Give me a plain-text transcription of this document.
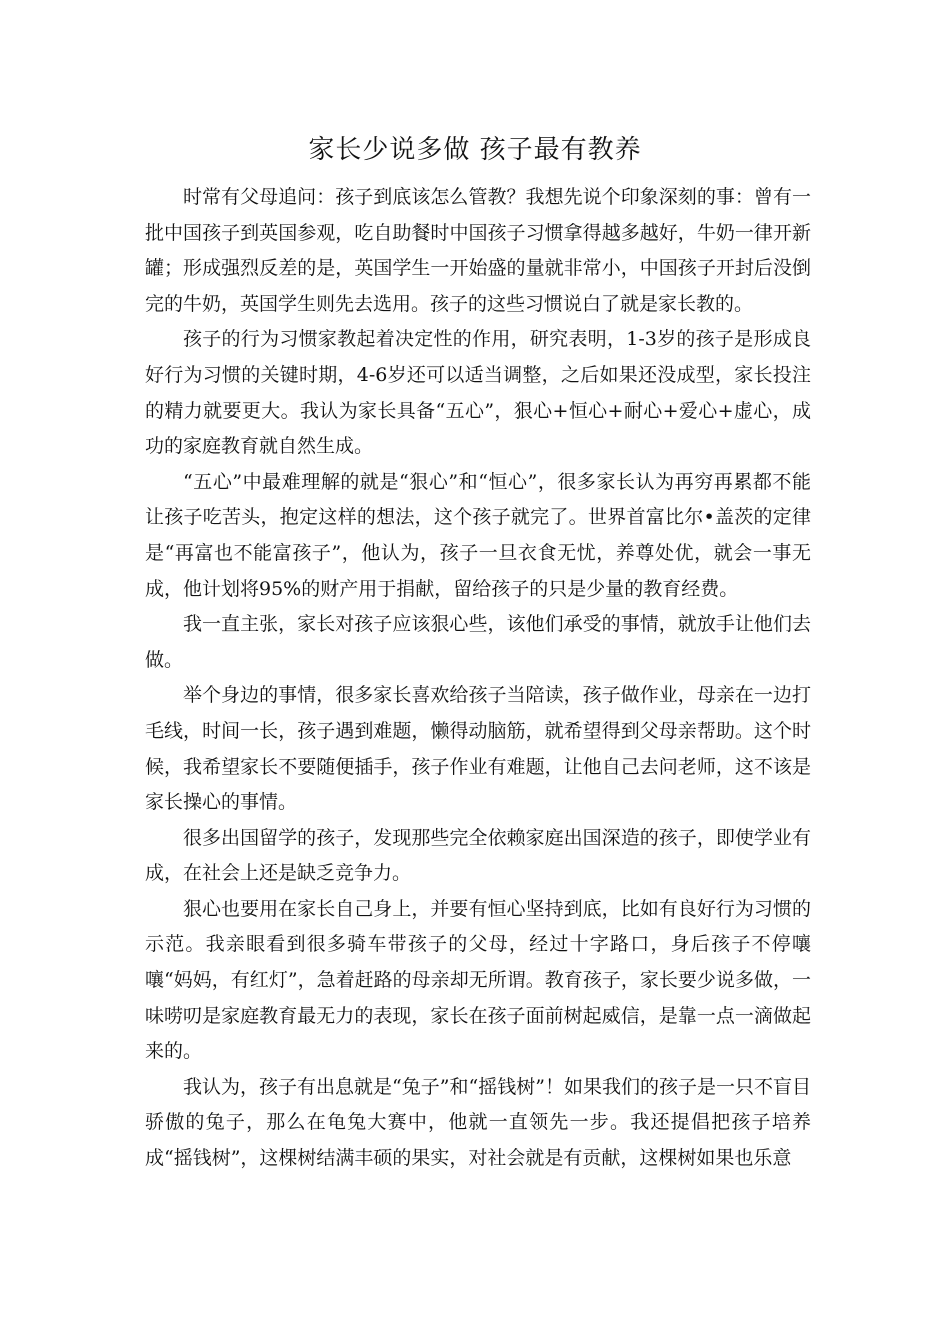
家长少说多做 孩子最有教养

时常有父母追问：孩子到底该怎么管教？我想先说个印象深刻的事：曾有一批中国孩子到英国参观，吃自助餐时中国孩子习惯拿得越多越好，牛奶一律开新罐；形成强烈反差的是，英国学生一开始盛的量就非常小，中国孩子开封后没倒完的牛奶，英国学生则先去选用。孩子的这些习惯说白了就是家长教的。

孩子的行为习惯家教起着决定性的作用，研究表明，1-3岁的孩子是形成良好行为习惯的关键时期，4-6岁还可以适当调整，之后如果还没成型，家长投注的精力就要更大。我认为家长具备“五心”，狠心+恒心+耐心+爱心+虚心，成功的家庭教育就自然生成。

“五心”中最难理解的就是“狠心”和“恒心”，很多家长认为再穷再累都不能让孩子吃苦头，抱定这样的想法，这个孩子就完了。世界首富比尔•盖茨的定律是“再富也不能富孩子”，他认为，孩子一旦衣食无忧，养尊处优，就会一事无成，他计划将95%的财产用于捐献，留给孩子的只是少量的教育经费。

我一直主张，家长对孩子应该狠心些，该他们承受的事情，就放手让他们去做。

举个身边的事情，很多家长喜欢给孩子当陪读，孩子做作业，母亲在一边打毛线，时间一长，孩子遇到难题，懒得动脑筋，就希望得到父母亲帮助。这个时候，我希望家长不要随便插手，孩子作业有难题，让他自己去问老师，这不该是家长操心的事情。

很多出国留学的孩子，发现那些完全依赖家庭出国深造的孩子，即使学业有成，在社会上还是缺乏竞争力。

狠心也要用在家长自己身上，并要有恒心坚持到底，比如有良好行为习惯的示范。我亲眼看到很多骑车带孩子的父母，经过十字路口，身后孩子不停嚷嚷“妈妈，有红灯”，急着赶路的母亲却无所谓。教育孩子，家长要少说多做，一味唠叨是家庭教育最无力的表现，家长在孩子面前树起威信，是靠一点一滴做起来的。

我认为，孩子有出息就是“兔子”和“摇钱树”！如果我们的孩子是一只不盲目骄傲的兔子，那么在龟兔大赛中，他就一直领先一步。我还提倡把孩子培养成“摇钱树”，这棵树结满丰硕的果实，对社会就是有贡献，这棵树如果也乐意
